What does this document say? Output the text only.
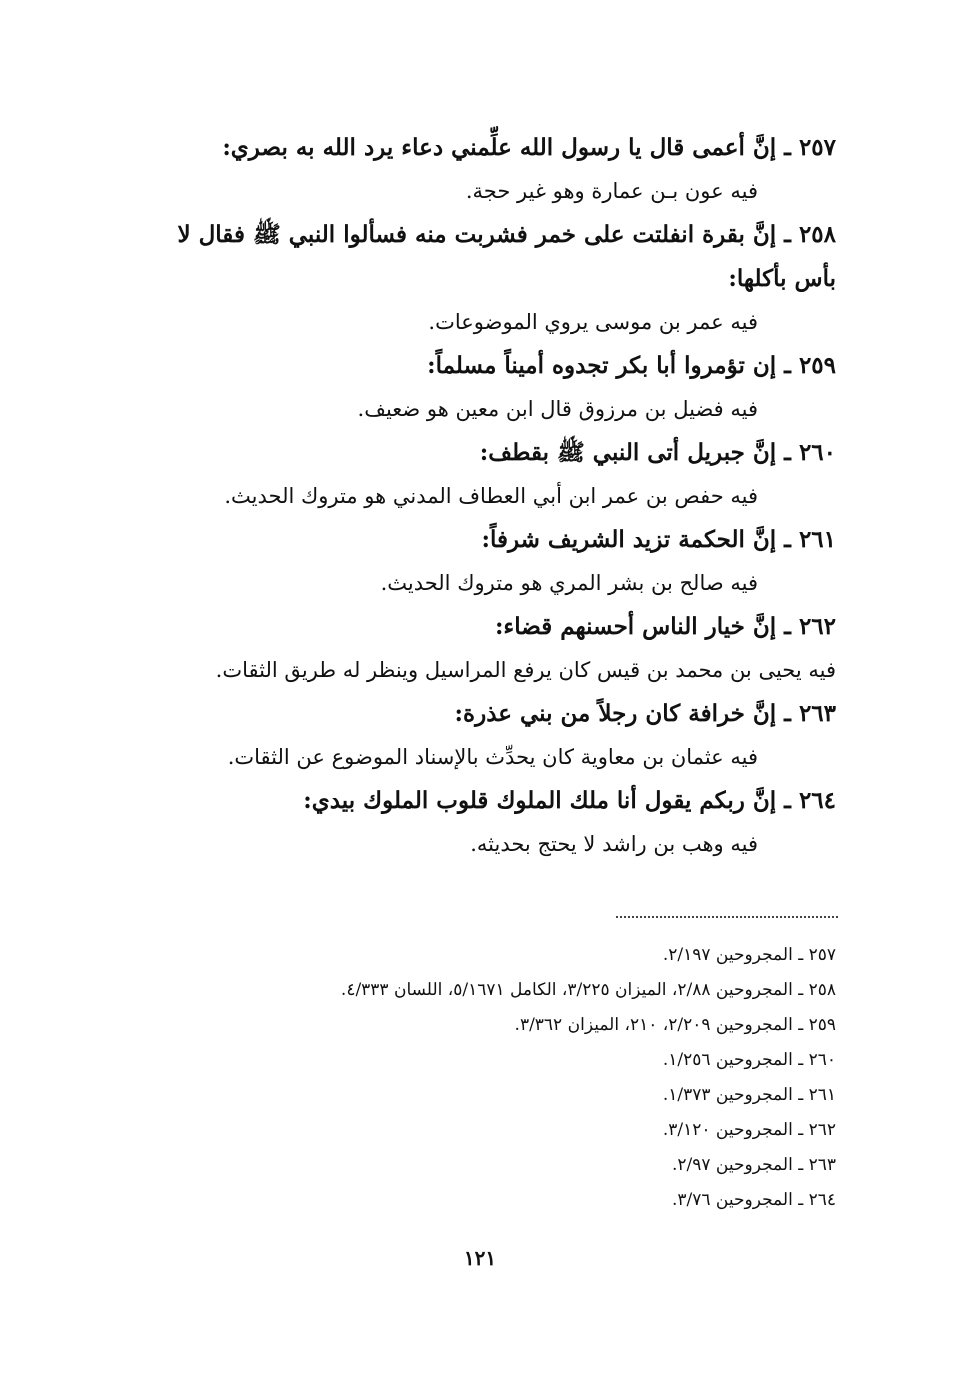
٢٥٧ ـ إنَّ أعمى قال يا رسول الله علِّمني دعاء يرد الله به بصري:

فيه عون بـن عمارة وهو غير حجة.

٢٥٨ ـ إنَّ بقرة انفلتت على خمر فشربت منه فسألوا النبي ﷺ فقال لا بأس بأكلها:

فيه عمر بن موسى يروي الموضوعات.

٢٥٩ ـ إن تؤمروا أبا بكر تجدوه أميناً مسلماً:

فيه فضيل بن مرزوق قال ابن معين هو ضعيف.

٢٦٠ ـ إنَّ جبريل أتى النبي ﷺ بقطف:

فيه حفص بن عمر ابن أبي العطاف المدني هو متروك الحديث.

٢٦١ ـ إنَّ الحكمة تزيد الشريف شرفاً:

فيه صالح بن بشر المري هو متروك الحديث.

٢٦٢ ـ إنَّ خيار الناس أحسنهم قضاء:

فيه يحيى بن محمد بن قيس كان يرفع المراسيل وينظر له طريق الثقات.

٢٦٣ ـ إنَّ خرافة كان رجلاً من بني عذرة:

فيه عثمان بن معاوية كان يحدِّث بالإسناد الموضوع عن الثقات.

٢٦٤ ـ إنَّ ربكم يقول أنا ملك الملوك قلوب الملوك بيدي:

فيه وهب بن راشد لا يحتج بحديثه.

٢٥٧ ـ المجروحين ٢/١٩٧.

٢٥٨ ـ المجروحين ٢/٨٨، الميزان ٣/٢٢٥، الكامل ٥/١٦٧١، اللسان ٤/٣٣٣.

٢٥٩ ـ المجروحين ٢/٢٠٩، ٢١٠، الميزان ٣/٣٦٢.

٢٦٠ ـ المجروحين ١/٢٥٦.

٢٦١ ـ المجروحين ١/٣٧٣.

٢٦٢ ـ المجروحين ٣/١٢٠.

٢٦٣ ـ المجروحين ٢/٩٧.

٢٦٤ ـ المجروحين ٣/٧٦.

١٢١
